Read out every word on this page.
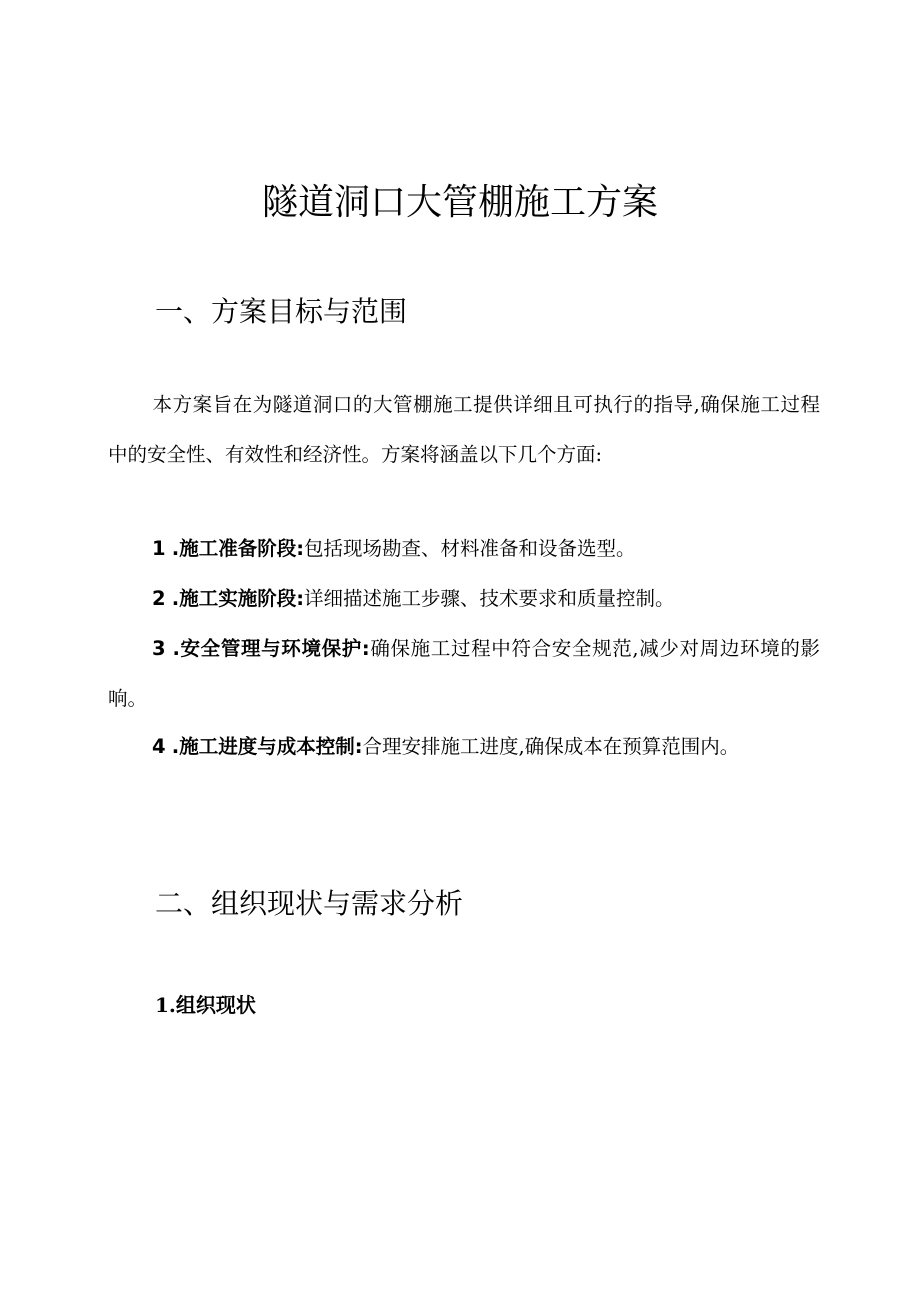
隧道洞口大管棚施工方案
一、方案目标与范围
本方案旨在为隧道洞口的大管棚施工提供详细且可执行的指导,确保施工过程中的安全性、有效性和经济性。方案将涵盖以下几个方面:
1 .施工准备阶段:包括现场勘查、材料准备和设备选型。
2 .施工实施阶段:详细描述施工步骤、技术要求和质量控制。
3 .安全管理与环境保护:确保施工过程中符合安全规范,减少对周边环境的影响。
4 .施工进度与成本控制:合理安排施工进度,确保成本在预算范围内。
二、组织现状与需求分析
1.组织现状
